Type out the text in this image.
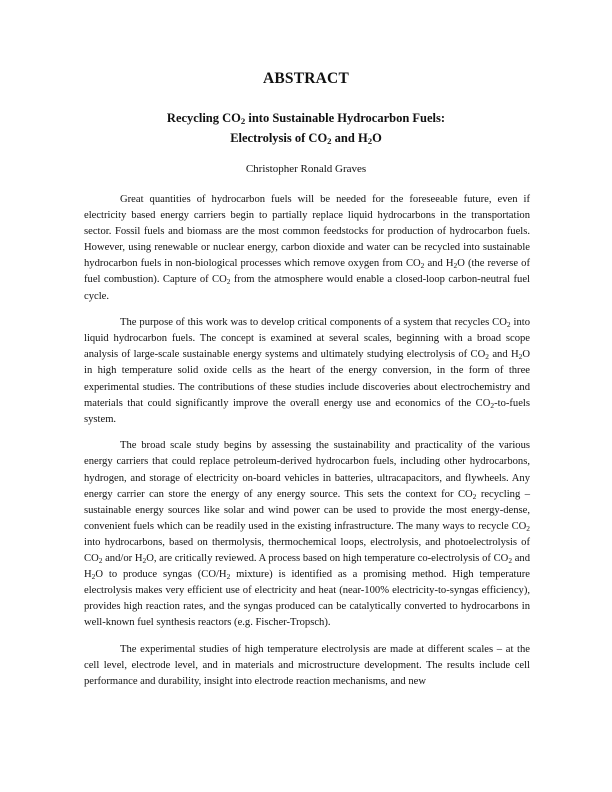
ABSTRACT
Recycling $CO_2$ into Sustainable Hydrocarbon Fuels:
Electrolysis of $CO_2$ and $H_2O$
Christopher Ronald Graves

Great quantities of hydrocarbon fuels will be needed for the foreseeable future, even if electricity based energy carriers begin to partially replace liquid hydrocarbons in the transportation sector. Fossil fuels and biomass are the most common feedstocks for production of hydrocarbon fuels. However, using renewable or nuclear energy, carbon dioxide and water can be recycled into sustainable hydrocarbon fuels in non-biological processes which remove oxygen from $CO_2$ and $H_2O$ (the reverse of fuel combustion). Capture of $CO_2$ from the atmosphere would enable a closed-loop carbon-neutral fuel cycle.

The purpose of this work was to develop critical components of a system that recycles $CO_2$ into liquid hydrocarbon fuels. The concept is examined at several scales, beginning with a broad scope analysis of large-scale sustainable energy systems and ultimately studying electrolysis of $CO_2$ and $H_2O$ in high temperature solid oxide cells as the heart of the energy conversion, in the form of three experimental studies. The contributions of these studies include discoveries about electrochemistry and materials that could significantly improve the overall energy use and economics of the $CO_2-to$-fuels system.

The broad scale study begins by assessing the sustainability and practicality of the various energy carriers that could replace petroleum-derived hydrocarbon fuels, including other hydrocarbons, hydrogen, and storage of electricity on-board vehicles in batteries, ultracapacitors, and flywheels. Any energy carrier can store the energy of any energy source. This sets the context for $CO_2$ recycling – sustainable energy sources like solar and wind power can be used to provide the most energy-dense, convenient fuels which can be readily used in the existing infrastructure. The many ways to recycle $CO_2$ into hydrocarbons, based on thermolysis, thermochemical loops, electrolysis, and photoelectrolysis of $CO_2$ and/or $H_2O$, are critically reviewed. A process based on high temperature co-electrolysis of $CO_2$ and $H_2O$ to produce syngas ($CO/H_2$ mixture) is identified as a promising method. High temperature electrolysis makes very efficient use of electricity and heat (near-100% electricity-to-syngas efficiency), provides high reaction rates, and the syngas produced can be catalytically converted to hydrocarbons in well-known fuel synthesis reactors (e.g. Fischer-Tropsch).

The experimental studies of high temperature electrolysis are made at different scales – at the cell level, electrode level, and in materials and microstructure development. The results include cell performance and durability, insight into electrode reaction mechanisms, and new
